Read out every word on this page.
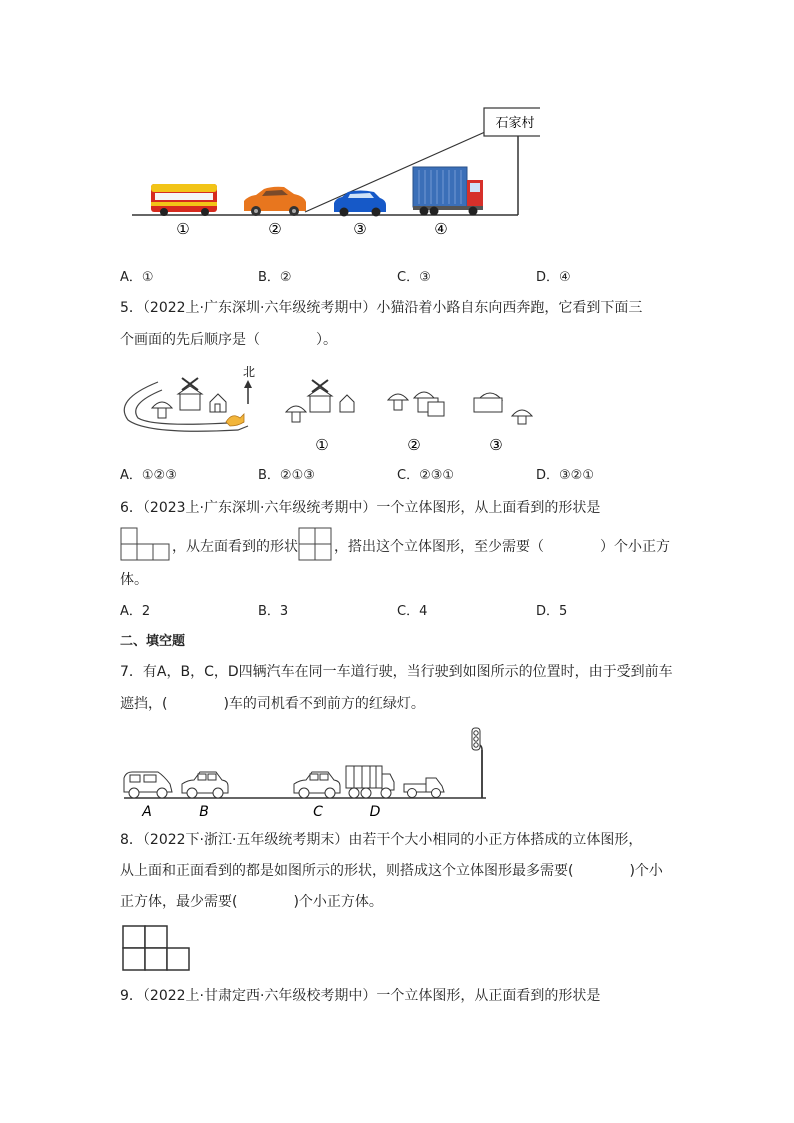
石家村
①	②	③	④
A．①	B．②	C．③	D．④
5．（2022上·广东深圳·六年级统考期中）小猫沿着小路自东向西奔跑，它看到下面三
个画面的先后顺序是（　　　　）。
北
①	②	③
A．①②③	B．②①③	C．②③①	D．③②①
6．（2023上·广东深圳·六年级统考期中）一个立体图形，从上面看到的形状是
，从左面看到的形状	，搭出这个立体图形，至少需要（　　　　）个小正方
体。
A．2	B．3	C．4	D．5
二、填空题
7．有A，B，C，D四辆汽车在同一车道行驶，当行驶到如图所示的位置时，由于受到前车
遮挡，(　　　　)车的司机看不到前方的红绿灯。
A	B	C	D
8．（2022下·浙江·五年级统考期末）由若干个大小相同的小正方体搭成的立体图形，
从上面和正面看到的都是如图所示的形状，则搭成这个立体图形最多需要(　　　　)个小
正方体，最少需要(　　　　)个小正方体。
9．（2022上·甘肃定西·六年级校考期中）一个立体图形，从正面看到的形状是
